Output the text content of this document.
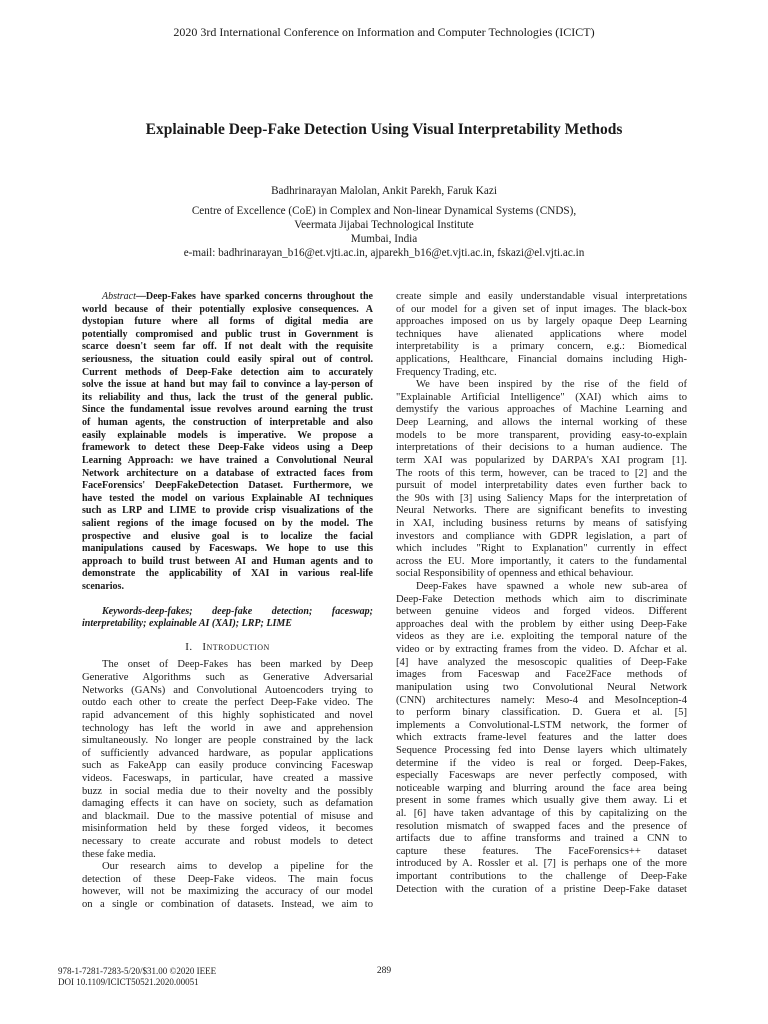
2020 3rd International Conference on Information and Computer Technologies (ICICT)
Explainable Deep-Fake Detection Using Visual Interpretability Methods
Badhrinarayan Malolan, Ankit Parekh, Faruk Kazi
Centre of Excellence (CoE) in Complex and Non-linear Dynamical Systems (CNDS),
Veermata Jijabai Technological Institute
Mumbai, India
e-mail: badhrinarayan_b16@et.vjti.ac.in, ajparekh_b16@et.vjti.ac.in, fskazi@el.vjti.ac.in
Abstract—Deep-Fakes have sparked concerns throughout the
world because of their potentially explosive consequences. A
dystopian future where all forms of digital media are
potentially compromised and public trust in Government is
scarce doesn't seem far off. If not dealt with the requisite
seriousness, the situation could easily spiral out of control.
Current methods of Deep-Fake detection aim to accurately
solve the issue at hand but may fail to convince a lay-person of
its reliability and thus, lack the trust of the general public.
Since the fundamental issue revolves around earning the trust
of human agents, the construction of interpretable and also
easily explainable models is imperative. We propose a
framework to detect these Deep-Fake videos using a Deep
Learning Approach: we have trained a Convolutional Neural
Network architecture on a database of extracted faces from
FaceForensics' DeepFakeDetection Dataset. Furthermore, we
have tested the model on various Explainable AI techniques
such as LRP and LIME to provide crisp visualizations of the
salient regions of the image focused on by the model. The
prospective and elusive goal is to localize the facial
manipulations caused by Faceswaps. We hope to use this
approach to build trust between AI and Human agents and to
demonstrate the applicability of XAI in various real-life
scenarios.
Keywords-deep-fakes; deep-fake detection; faceswap;
interpretability; explainable AI (XAI); LRP; LIME
I. Introduction
The onset of Deep-Fakes has been marked by Deep
Generative Algorithms such as Generative Adversarial
Networks (GANs) and Convolutional Autoencoders trying to
outdo each other to create the perfect Deep-Fake video. The
rapid advancement of this highly sophisticated and novel
technology has left the world in awe and apprehension
simultaneously. No longer are people constrained by the lack
of sufficiently advanced hardware, as popular applications
such as FakeApp can easily produce convincing Faceswap
videos. Faceswaps, in particular, have created a massive
buzz in social media due to their novelty and the possibly
damaging effects it can have on society, such as defamation
and blackmail. Due to the massive potential of misuse and
misinformation held by these forged videos, it becomes
necessary to create accurate and robust models to detect
these fake media.
Our research aims to develop a pipeline for the
detection of these Deep-Fake videos. The main focus
however, will not be maximizing the accuracy of our model
on a single or combination of datasets. Instead, we aim to
create simple and easily understandable visual interpretations
of our model for a given set of input images. The black-box
approaches imposed on us by largely opaque Deep Learning
techniques have alienated applications where model
interpretability is a primary concern, e.g.: Biomedical
applications, Healthcare, Financial domains including High-
Frequency Trading, etc.
We have been inspired by the rise of the field of
"Explainable Artificial Intelligence" (XAI) which aims to
demystify the various approaches of Machine Learning and
Deep Learning, and allows the internal working of these
models to be more transparent, providing easy-to-explain
interpretations of their decisions to a human audience. The
term XAI was popularized by DARPA's XAI program [1].
The roots of this term, however, can be traced to [2] and the
pursuit of model interpretability dates even further back to
the 90s with [3] using Saliency Maps for the interpretation of
Neural Networks. There are significant benefits to investing
in XAI, including business returns by means of satisfying
investors and compliance with GDPR legislation, a part of
which includes "Right to Explanation" currently in effect
across the EU. More importantly, it caters to the fundamental
social Responsibility of openness and ethical behaviour.
Deep-Fakes have spawned a whole new sub-area of
Deep-Fake Detection methods which aim to discriminate
between genuine videos and forged videos. Different
approaches deal with the problem by either using Deep-Fake
videos as they are i.e. exploiting the temporal nature of the
video or by extracting frames from the video. D. Afchar et al.
[4] have analyzed the mesoscopic qualities of Deep-Fake
images from Faceswap and Face2Face methods of
manipulation using two Convolutional Neural Network
(CNN) architectures namely: Meso-4 and MesoInception-4
to perform binary classification. D. Guera et al. [5]
implements a Convolutional-LSTM network, the former of
which extracts frame-level features and the latter does
Sequence Processing fed into Dense layers which ultimately
determine if the video is real or forged. Deep-Fakes,
especially Faceswaps are never perfectly composed, with
noticeable warping and blurring around the face area being
present in some frames which usually give them away. Li et
al. [6] have taken advantage of this by capitalizing on the
resolution mismatch of swapped faces and the presence of
artifacts due to affine transforms and trained a CNN to
capture these features. The FaceForensics++ dataset
introduced by A. Rossler et al. [7] is perhaps one of the more
important contributions to the challenge of Deep-Fake
Detection with the curation of a pristine Deep-Fake dataset
978-1-7281-7283-5/20/$31.00 ©2020 IEEE
DOI 10.1109/ICICT50521.2020.00051
289
